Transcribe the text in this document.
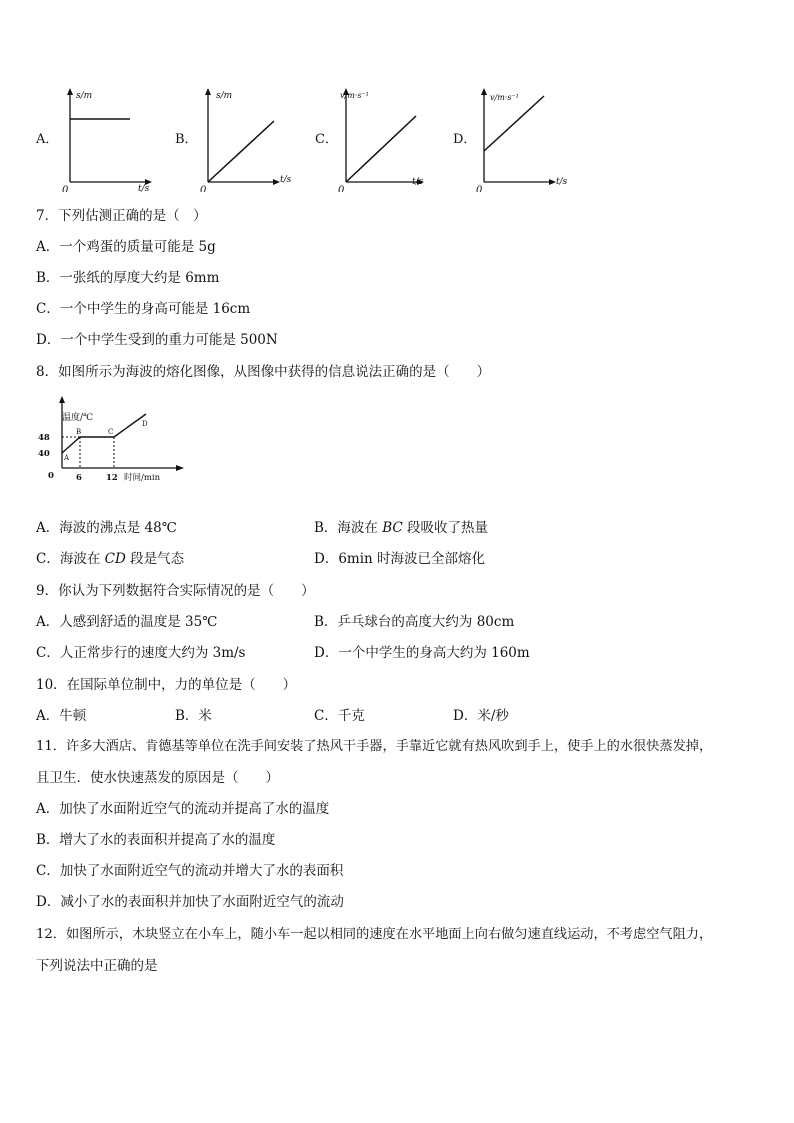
A．
s/m
t/s
0
B．
s/m
t/s
0
C．
v/m·s⁻¹
t/s
0
D．
v/m·s⁻¹
t/s
0
7．下列估测正确的是（　）
A．一个鸡蛋的质量可能是 5g
B．一张纸的厚度大约是 6mm
C．一个中学生的身高可能是 16cm
D．一个中学生受到的重力可能是 500N
8．如图所示为海波的熔化图像，从图像中获得的信息说法正确的是（　　）
温度/℃
48
40
0	6	12 时间/min
A
B	C
D
A．海波的沸点是 48℃	B．海波在 BC 段吸收了热量
C．海波在 CD 段是气态	D．6min 时海波已全部熔化
9．你认为下列数据符合实际情况的是（　　）
A．人感到舒适的温度是 35℃	B．乒乓球台的高度大约为 80cm
C．人正常步行的速度大约为 3m/s	D．一个中学生的身高大约为 160m
10．在国际单位制中，力的单位是（　　）
A．牛顿	B．米	C．千克	D．米/秒
11．许多大酒店、肯德基等单位在洗手间安装了热风干手器，手靠近它就有热风吹到手上，使手上的水很快蒸发掉，
且卫生．使水快速蒸发的原因是（　　）
A．加快了水面附近空气的流动并提高了水的温度
B．增大了水的表面积并提高了水的温度
C．加快了水面附近空气的流动并增大了水的表面积
D．减小了水的表面积并加快了水面附近空气的流动
12．如图所示，木块竖立在小车上，随小车一起以相同的速度在水平地面上向右做匀速直线运动，不考虑空气阻力，
下列说法中正确的是
